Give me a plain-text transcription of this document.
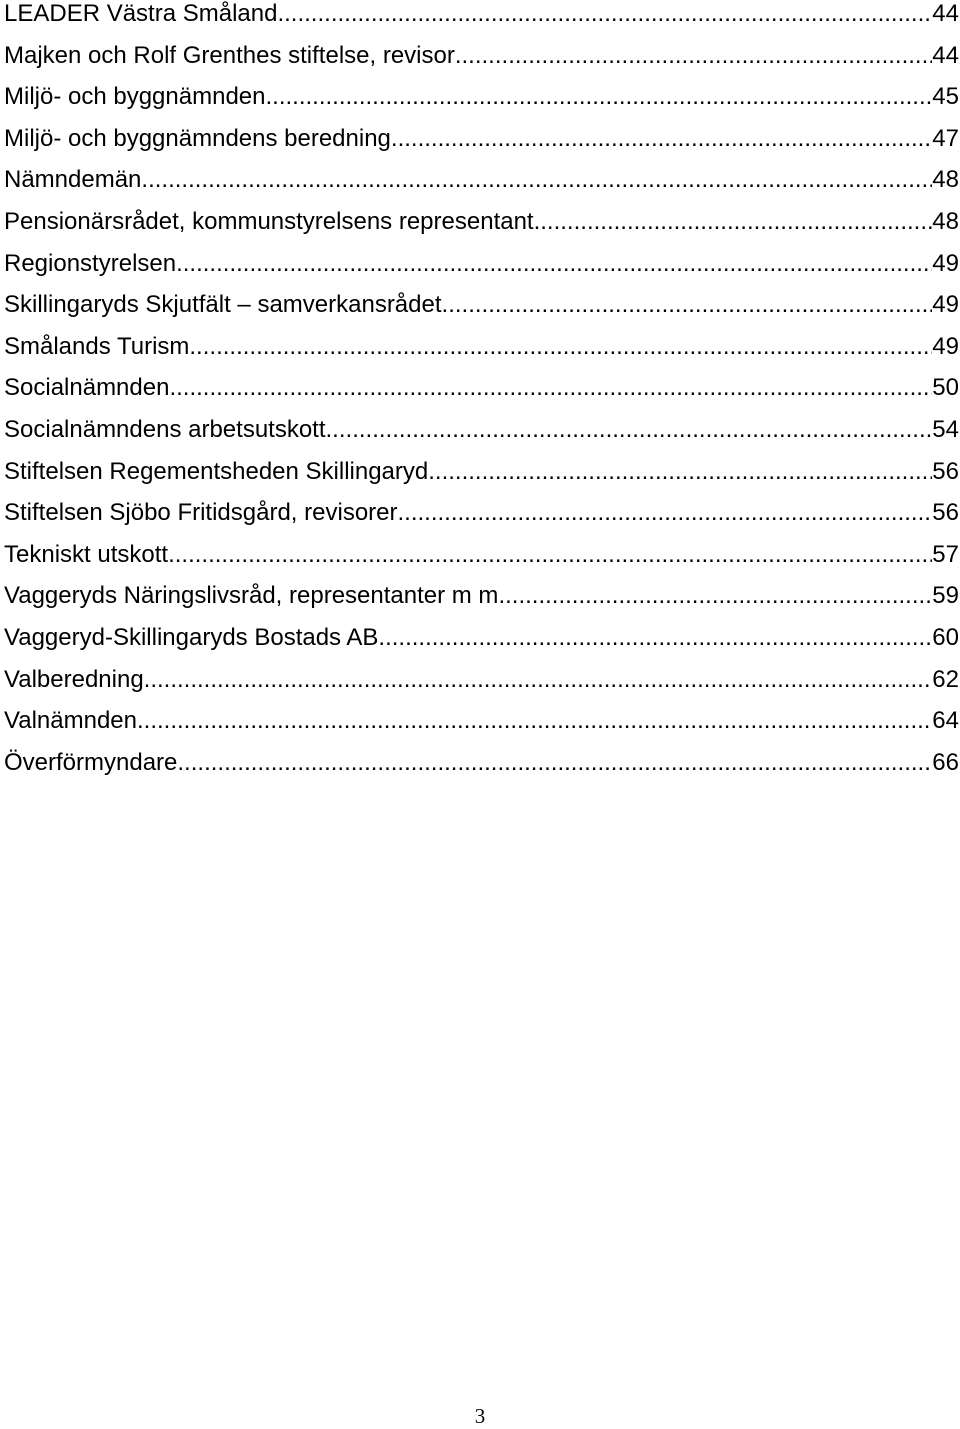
LEADER Västra Småland .....	44
Majken och Rolf Grenthes stiftelse, revisor .....	44
Miljö- och byggnämnden .....	45
Miljö- och byggnämndens beredning .....	47
Nämndemän .....	48
Pensionärsrådet, kommunstyrelsens representant .....	48
Regionstyrelsen .....	49
Skillingaryds Skjutfält – samverkansrådet .....	49
Smålands Turism .....	49
Socialnämnden .....	50
Socialnämndens arbetsutskott .....	54
Stiftelsen Regementsheden Skillingaryd .....	56
Stiftelsen Sjöbo Fritidsgård, revisorer .....	56
Tekniskt utskott .....	57
Vaggeryds Näringslivsråd, representanter m m .....	59
Vaggeryd-Skillingaryds Bostads AB .....	60
Valberedning .....	62
Valnämnden .....	64
Överförmyndare .....	66
3
